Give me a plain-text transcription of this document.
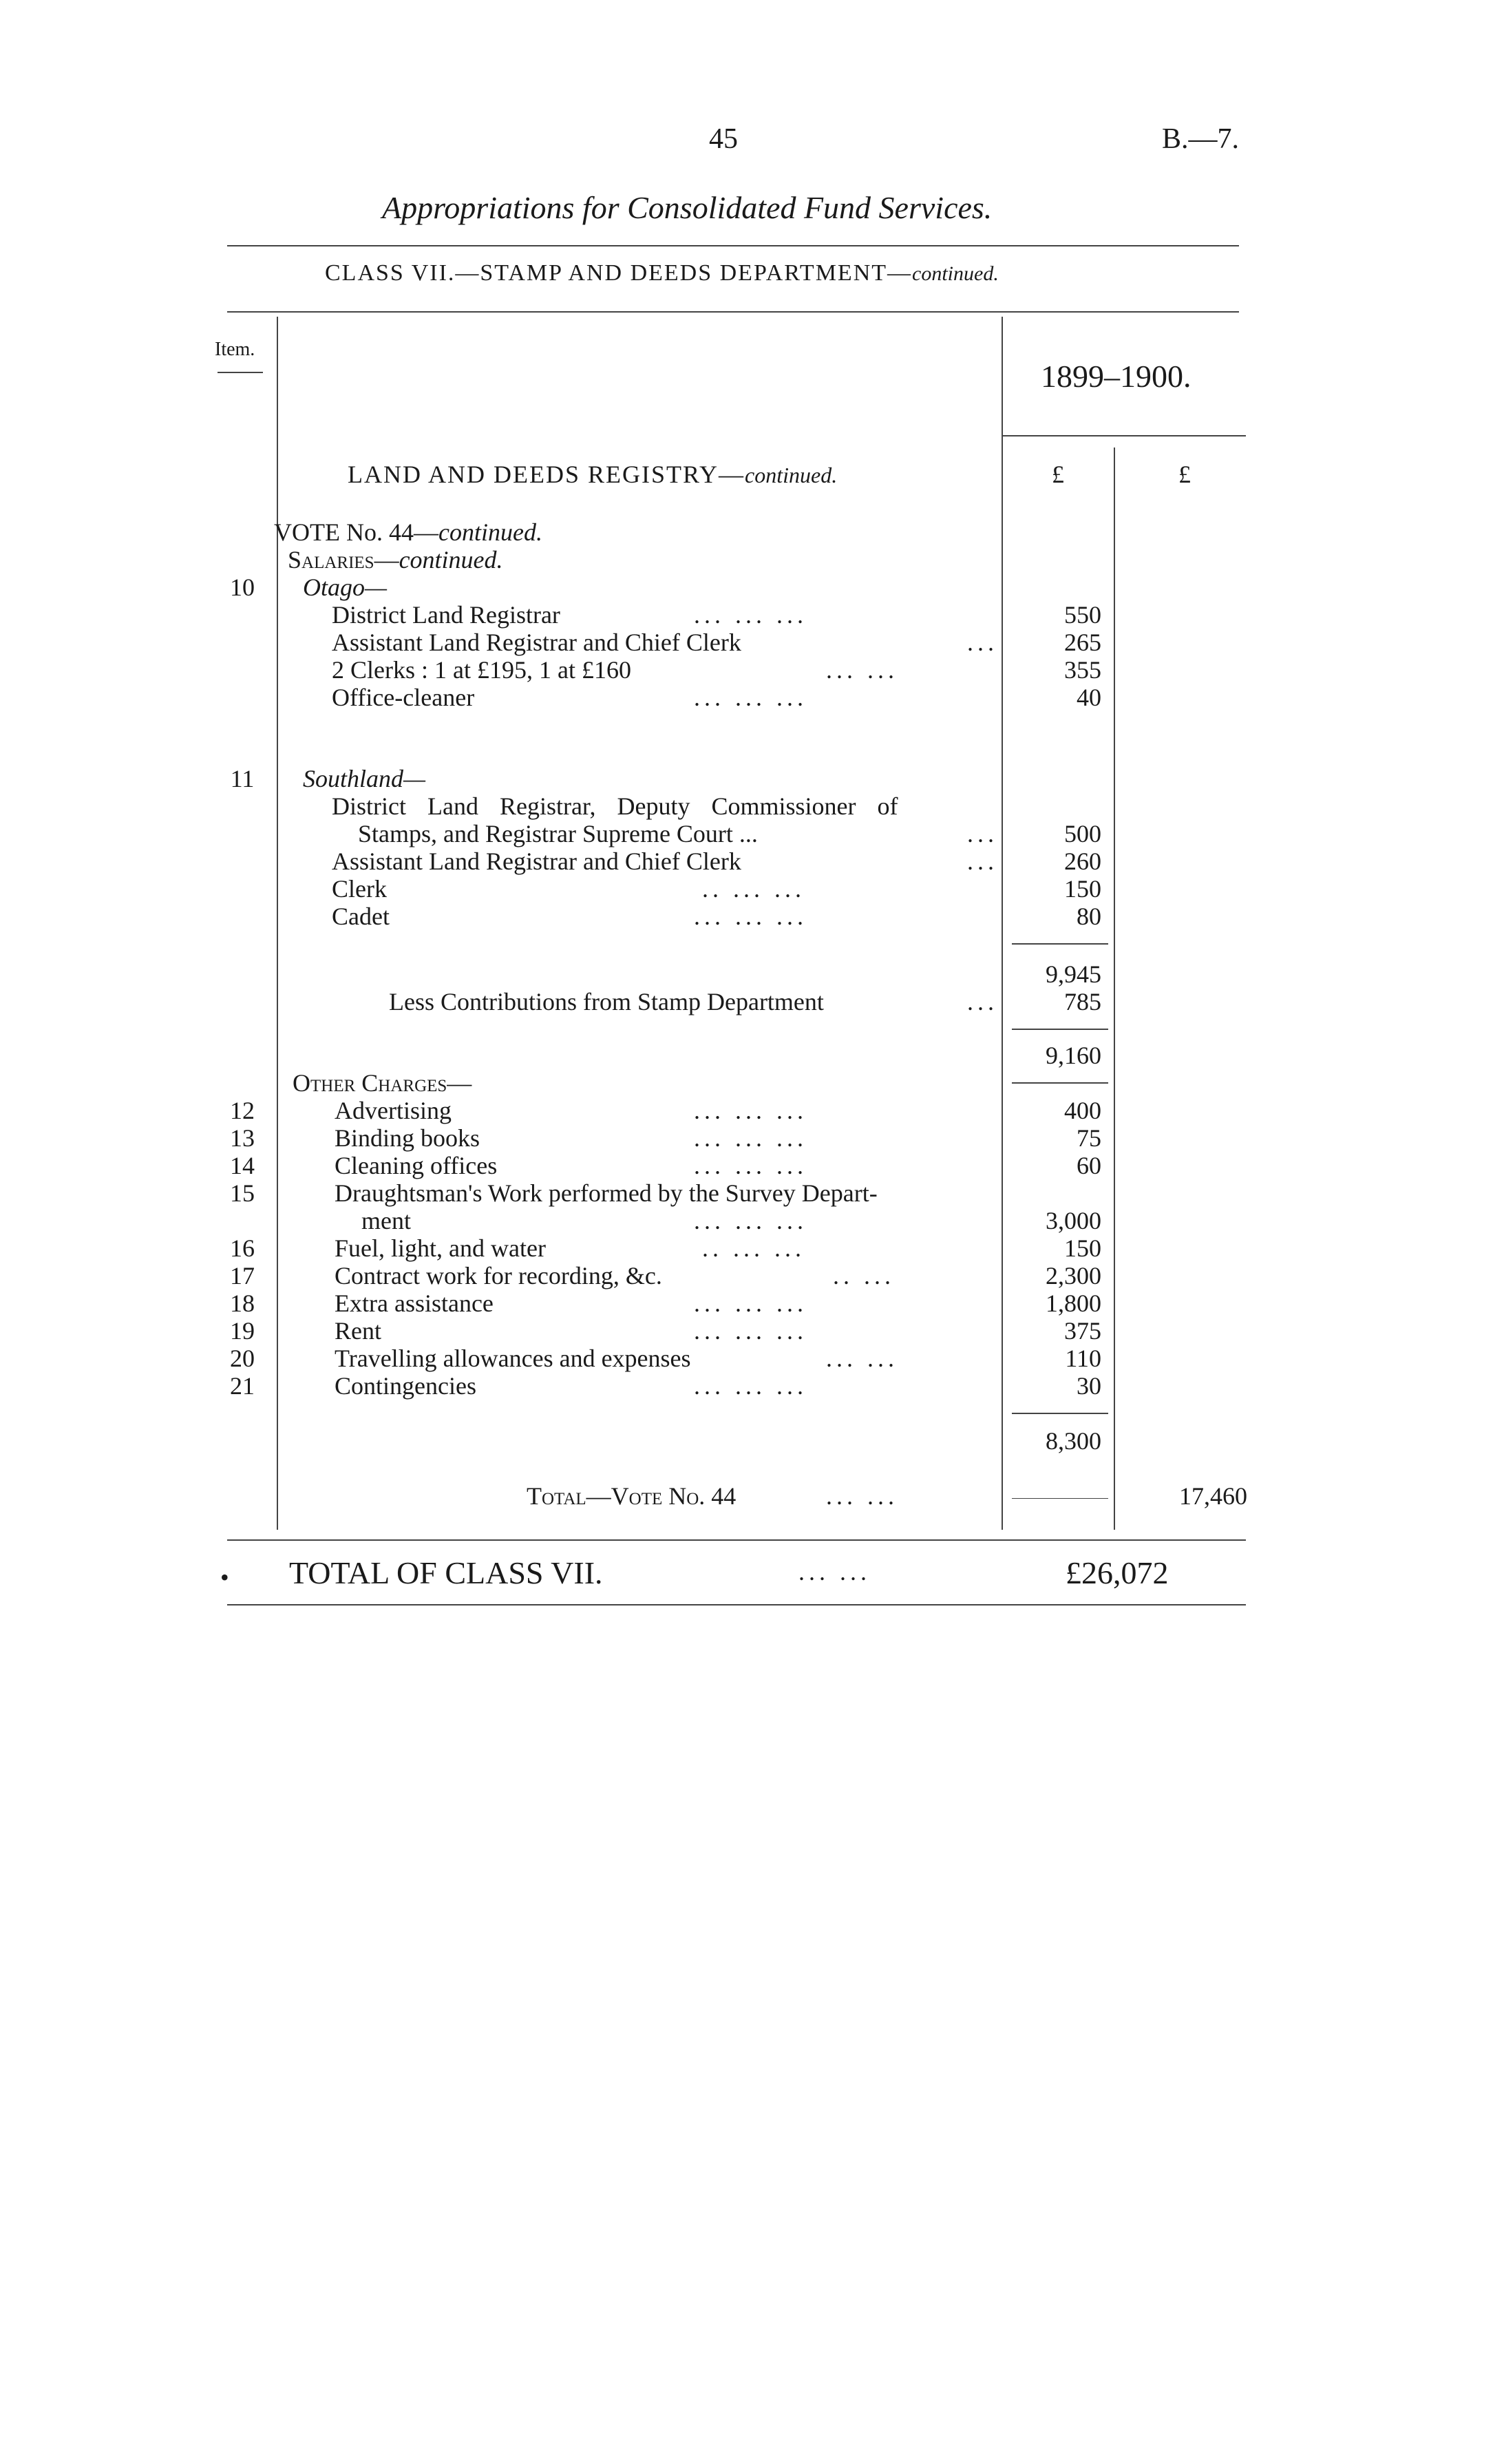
45	B.—7.
Appropriations for Consolidated Fund Services.
CLASS VII.—STAMP AND DEEDS DEPARTMENT—continued.
Item.
1899–1900.
£	£
LAND AND DEEDS REGISTRY—continued.
VOTE No. 44—continued.
Salaries—continued.
10	Otago—
District Land Registrar	... ... ...	550
Assistant Land Registrar and Chief Clerk	...	265
2 Clerks : 1 at £195, 1 at £160	... ...	355
Office-cleaner	... ... ...	40
11	Southland—
District Land Registrar, Deputy Commissioner of
Stamps, and Registrar Supreme Court ...	...	500
Assistant Land Registrar and Chief Clerk	...	260
Clerk	.. ... ...	150
Cadet	... ... ...	80
9,945
Less Contributions from Stamp Department	...	785
9,160
Other Charges—
12	Advertising	... ... ...	400
13	Binding books	... ... ...	75
14	Cleaning offices	... ... ...	60
15	Draughtsman's Work performed by the Survey Depart-
ment	... ... ...	3,000
16	Fuel, light, and water	.. ... ...	150
17	Contract work for recording, &c.	.. ...	2,300
18	Extra assistance	... ... ...	1,800
19	Rent	... ... ...	375
20	Travelling allowances and expenses	... ...	110
21	Contingencies	... ... ...	30
8,300
Total—Vote No. 44	... ...	17,460
• TOTAL OF CLASS VII.	... ...	£26,072
